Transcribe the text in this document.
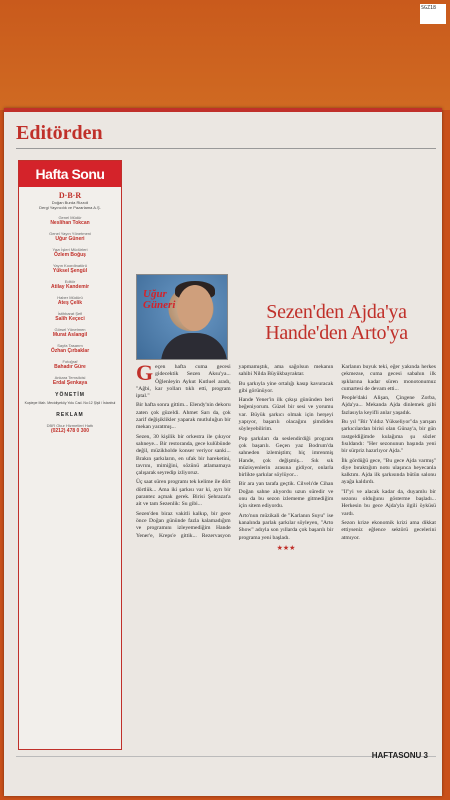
SGZ18
Editörden
Hafta Sonu
D·B·R
Doğan Burda Rizzoli
Dergi Yayıncılık ve Pazarlama A.Ş.
Genel Müdür
Neslihan Tokcan
Genel Yayın Yönetmeni
Uğur Güneri
Yazı İşleri Müdürleri
Özlem Boğuş
Yayın Koordinatörü
Yüksel Şengül
Editör
Atilay Kandemir
Haber Müdürü
Ateş Çelik
İstihbarat Şefi
Salih Keçeci
Görsel Yönetmen
Murat Aslangil
Sayfa Tasarım
Özhan Çırbaklar
Fotoğraf
Bahadır Güre
Ankara Temsilcisi
Erdal Şenkaya
YÖNETİM
Kuştepe Mah. Mecidiyeköy Yolu Cad. No:12 Şişli / İstanbul
REKLAM
DBR Okur Hizmetleri Hattı
(0212) 478 0 300
Uğur
Güneri	Sezen'den Ajda'ya Hande'den Arto'ya

Geçen hafta cuma gecesi gidecektik Sezen Aksu'ya... Öğlenleyin Aykut Kutluel aradı, "Ağbi, kar yolları tıklı etti, program iptal."

Bir hafta sonra gittim... Elendy'nin dekoru zaten çok güzeldi. Ahmet Sarı da, çok zarif değişiklikler yaparak mutluluğun bir mekan yaratmış...

Sezen, 30 kişilik bir orkestra ile çıkıyor sahneye... Bir restoranda, gece kulübünde değil, müzikholde konser veriyor sanki... Brakın şarkıların, en ufak bir hareketini, tavrını, mimiğini, sözünü atlamamaya çalışarak seyredip izliyoruz.

Üç saat süren programı tek kelime ile dört dörtlük... Ama iki şarkısı var ki, ayrı bir parantez açmak gerek. Birisi Şehrazat'a ait ve tam Sezenlik: Su gibi...

Sezen'den biraz vakitli kalkıp, bir gece önce Doğan gününde fazla kalamadığım ve programını izleyemediğim Hande Yener'e, Kreps'e gittik... Rezervasyon yapmamıştık, ama sağolsun mekanın sahibi Nilda Büyükbayraktar.

Bu şarkıyla yine ortalığı kasıp kavuracak gibi görünüyor.

Hande Yener'in ilk çıkışı gününden beri beğeniyorum. Güzel bir sesi ve yorumu var. Büyük şarkıcı olmak için herşeyi yapıyor, başarılı olacağını şimdiden söyleyebilirim.

Pop şarkıları da seslendirdiği program çok başarılı. Geçen yaz Bodrum'da sahneden izlemiştim; hiç imrenmiş Hande, çok değişmiş... Sık sık müzisyenlerin arasına gidiyor, onlarla birlikte şarkılar söylüyor...

Bir ara yan tarafa geçtik. Cilvelı'de Cihan Doğan sahne alıyordu uzun süredir ve onu da bu sezon izlememe gitmediğim için sitem ediyordu.

Arto'nun müzikali de "Karlanın Suyu" ise kanalında parlak şarkılar söyleyen, "Arto Show" adıyla son yıllarda çok başarılı bir programa yeni başladı.

★★★

Karlanın buyuk teki, eğer yakında herkes çekmezse, cuma gecesi sabahın ilk ışıklarına kadar süren monotonumuz cumartesi de devam etti...

People'daki Alişan, Çingene Zorba, Ajda'ya... Mekanda Ajda dinlemek gibi fazlasıyla keyifli anlar yaşadık.

Bu yıl "Bir Yıldız Yükseliyor"da yarışan şarkıcılardan birisi olan Günay'a, bir gün rastgeldiğimde kulağıma şu sözler fısıldandı: "Her sezonunun başında yeni bir sürpriz hazırlıyor Ajda."

İlk gördüğü gece, "Bu gece Ajda varmış" diye bıraktığım notu ulaşınca heyecanla kalktım. Ajda ilk şarkısında bütün salonu ayağa kaldırdı.

"Il"yi ve alacak kadar da, duyamlu bir sezonu olduğunu gösterme başladı... Herkesin bu gece Ajda'yla ilgili öyküsü vardı.

Sezon krize ekonomik krizi ama dikkat ettiyseniz eğlence sektörü gecelerini atmıyor.

HAFTASONU 3
